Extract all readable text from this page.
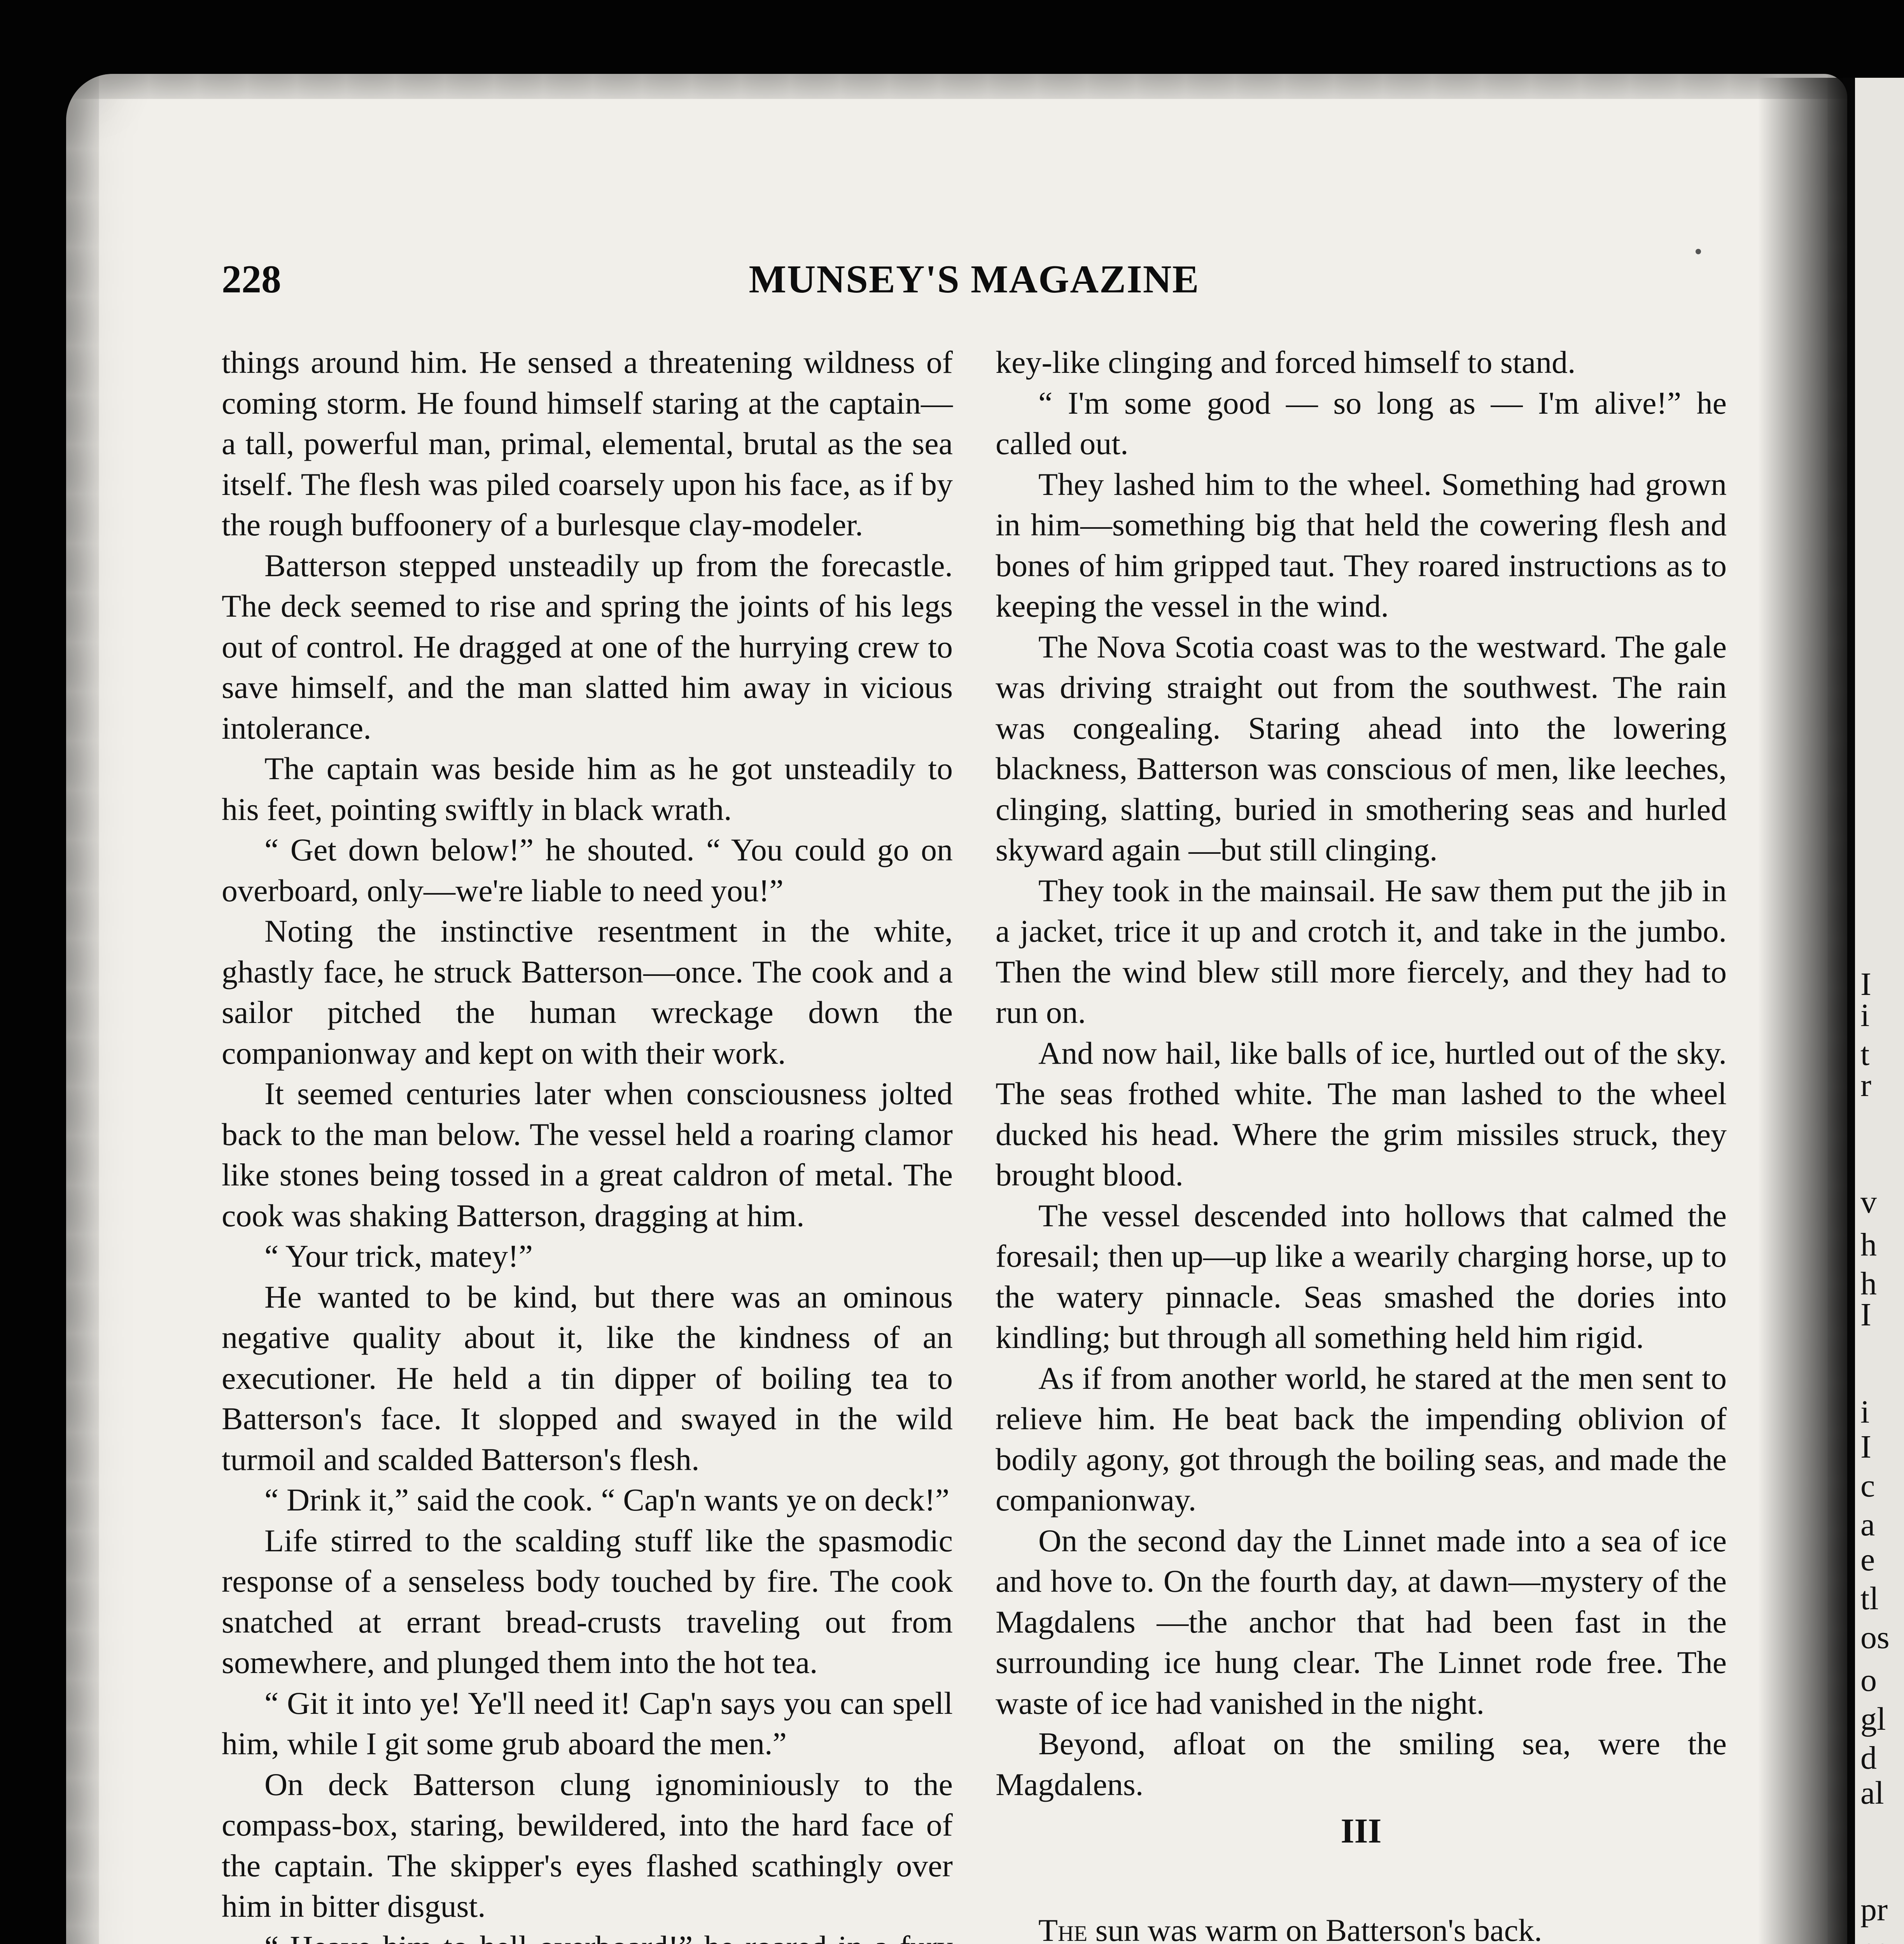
I
i
t
r
v
h
h
I
i
I
c
a
e
tl
os
o
gl
d
al
pr
228	MUNSEY'S MAGAZINE

things around him. He sensed a threatening wildness of coming storm. He found himself staring at the captain—a tall, powerful man, primal, elemental, brutal as the sea itself. The flesh was piled coarsely upon his face, as if by the rough buffoonery of a burlesque clay-modeler.

Batterson stepped unsteadily up from the forecastle. The deck seemed to rise and spring the joints of his legs out of control. He dragged at one of the hurrying crew to save himself, and the man slatted him away in vicious intolerance.

The captain was beside him as he got unsteadily to his feet, pointing swiftly in black wrath.

“ Get down below!” he shouted. “ You could go on overboard, only—we're liable to need you!”

Noting the instinctive resentment in the white, ghastly face, he struck Batterson—once. The cook and a sailor pitched the human wreckage down the companionway and kept on with their work.

It seemed centuries later when consciousness jolted back to the man below. The vessel held a roaring clamor like stones being tossed in a great caldron of metal. The cook was shaking Batterson, dragging at him.

“ Your trick, matey!”

He wanted to be kind, but there was an ominous negative quality about it, like the kindness of an executioner. He held a tin dipper of boiling tea to Batterson's face. It slopped and swayed in the wild turmoil and scalded Batterson's flesh.

“ Drink it,” said the cook. “ Cap'n wants ye on deck!”

Life stirred to the scalding stuff like the spasmodic response of a senseless body touched by fire. The cook snatched at errant bread-crusts traveling out from somewhere, and plunged them into the hot tea.

“ Git it into ye! Ye'll need it! Cap'n says you can spell him, while I git some grub aboard the men.”

On deck Batterson clung ignominiously to the compass-box, staring, bewildered, into the hard face of the captain. The skipper's eyes flashed scathingly over him in bitter disgust.

key-like clinging and forced himself to stand.

“ I'm some good — so long as — I'm alive!” he called out.

They lashed him to the wheel. Something had grown in him—something big that held the cowering flesh and bones of him gripped taut. They roared instructions as to keeping the vessel in the wind.

The Nova Scotia coast was to the westward. The gale was driving straight out from the southwest. The rain was congealing. Staring ahead into the lowering blackness, Batterson was conscious of men, like leeches, clinging, slatting, buried in smothering seas and hurled skyward again —but still clinging.

They took in the mainsail. He saw them put the jib in a jacket, trice it up and crotch it, and take in the jumbo. Then the wind blew still more fiercely, and they had to run on.

And now hail, like balls of ice, hurtled out of the sky. The seas frothed white. The man lashed to the wheel ducked his head. Where the grim missiles struck, they brought blood.

The vessel descended into hollows that calmed the foresail; then up—up like a wearily charging horse, up to the watery pinnacle. Seas smashed the dories into kindling; but through all something held him rigid.

As if from another world, he stared at the men sent to relieve him. He beat back the impending oblivion of bodily agony, got through the boiling seas, and made the companionway.

On the second day the Linnet made into a sea of ice and hove to. On the fourth day, at dawn—mystery of the Magdalens —the anchor that had been fast in the surrounding ice hung clear. The Linnet rode free. The waste of ice had vanished in the night.

Beyond, afloat on the smiling sea, were the Magdalens.

III

The sun was warm on Batterson's back.
